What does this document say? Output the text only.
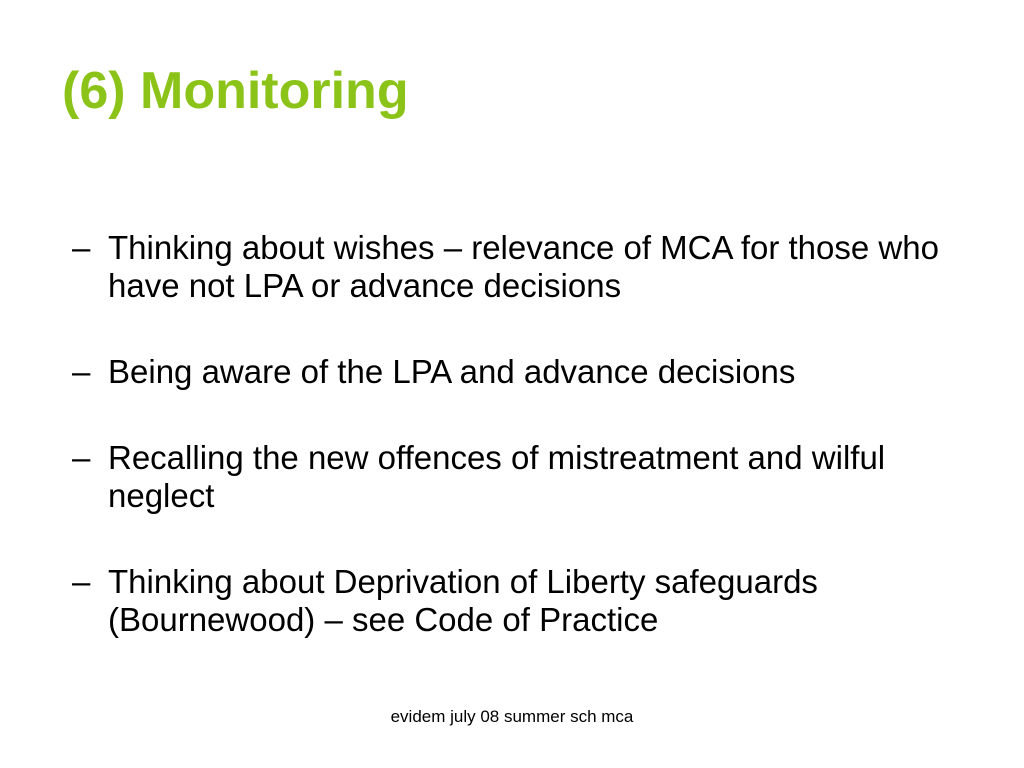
(6) Monitoring
– Thinking about wishes – relevance of MCA for those who have not LPA or advance decisions
– Being aware of the LPA and advance decisions
– Recalling the new offences of mistreatment and wilful neglect
– Thinking about Deprivation of Liberty safeguards (Bournewood) – see Code of Practice
evidem july 08 summer sch mca
